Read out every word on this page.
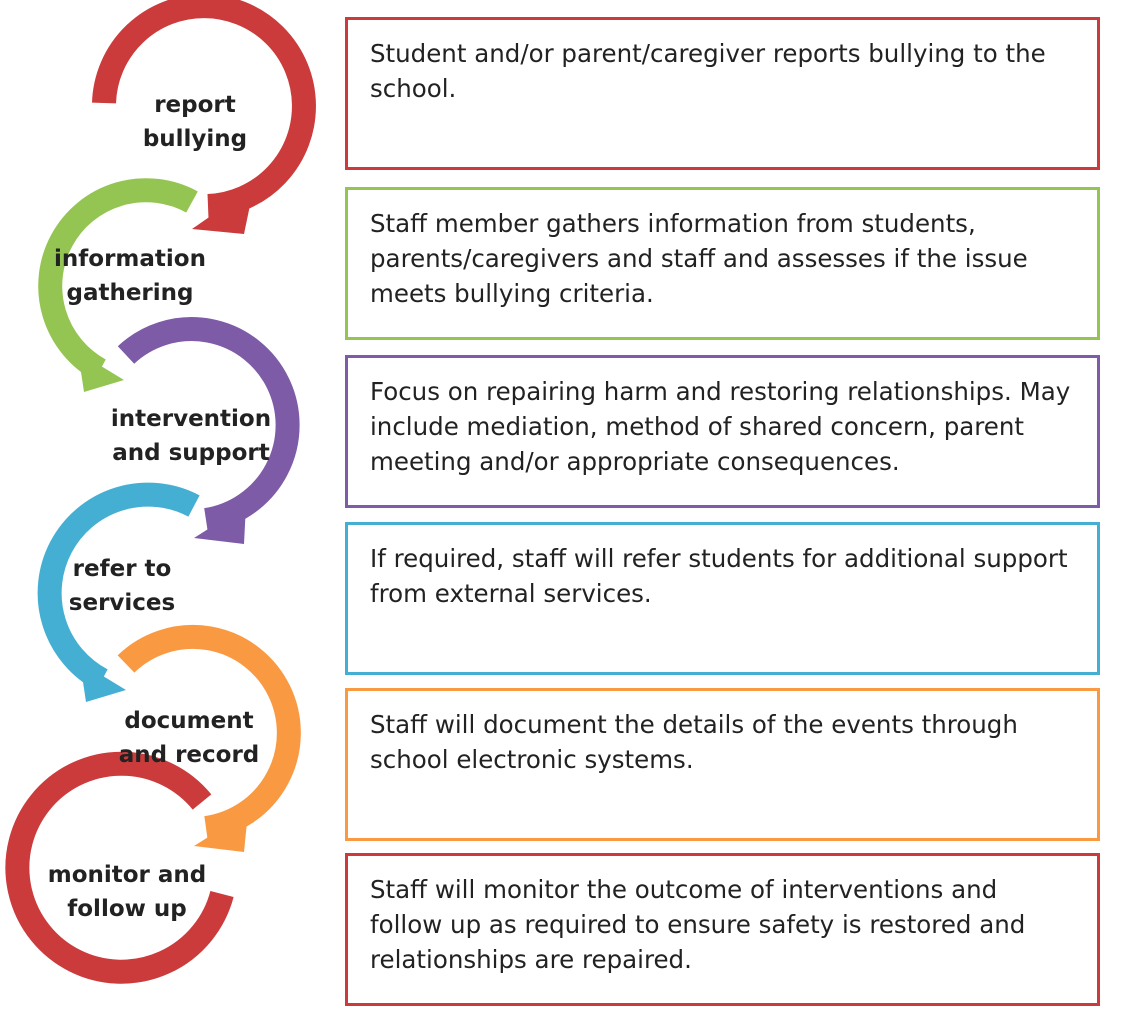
report
bullying
information
gathering
intervention
and support
refer to
services
document
and record
monitor and
follow up
Student and/or parent/caregiver reports bullying to the school.
Staff member gathers information from students, parents/caregivers and staff and assesses if the issue meets bullying criteria.
Focus on repairing harm and restoring relationships. May include mediation, method of shared concern, parent meeting and/or appropriate consequences.
If required, staff will refer students for additional support from external services.
Staff will document the details of the events through school electronic systems.
Staff will monitor the outcome of interventions and follow up as required to ensure safety is restored and relationships are repaired.
